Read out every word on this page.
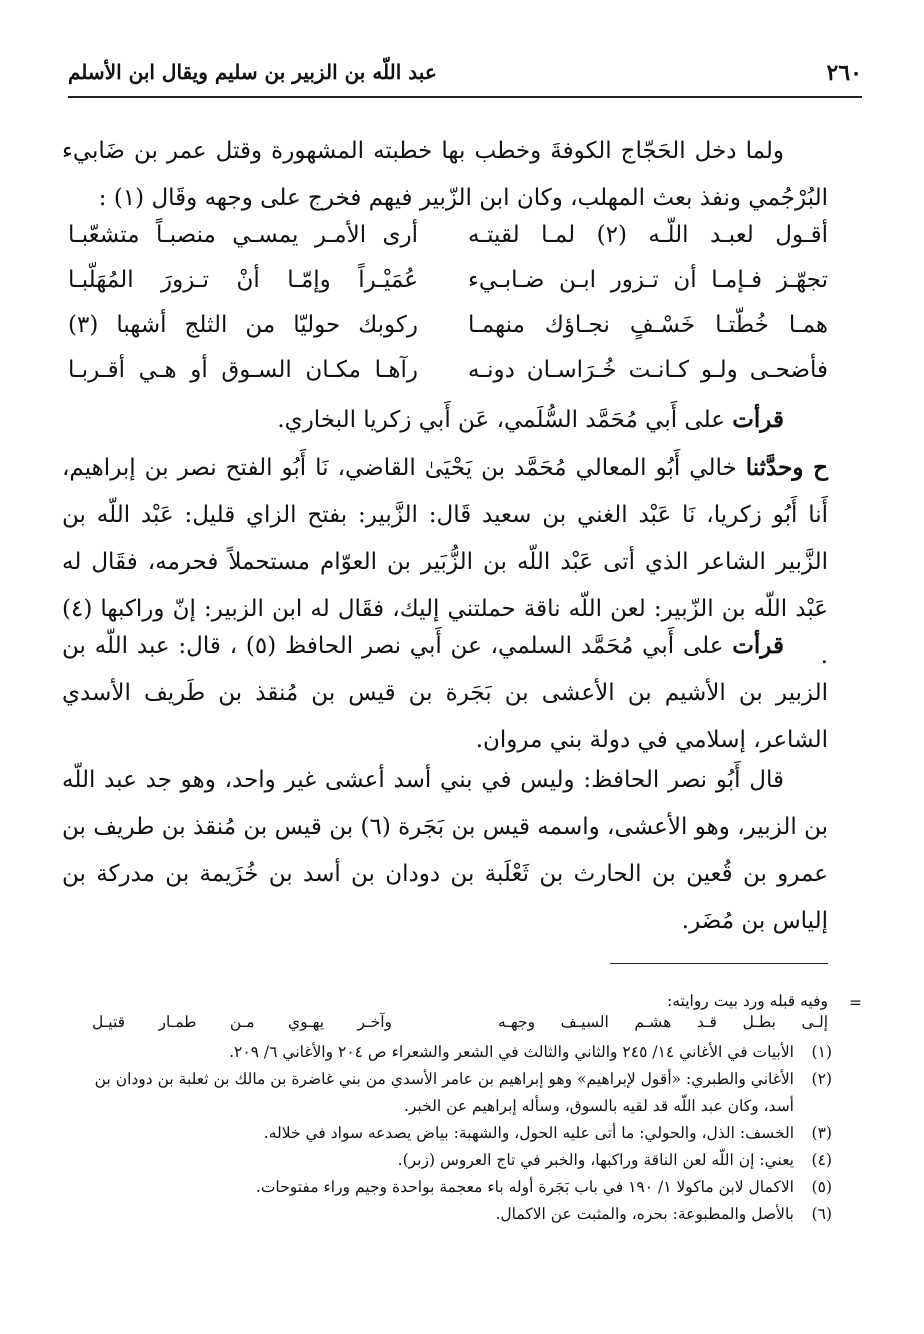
٢٦٠
عبد اللّه بن الزبير بن سليم ويقال ابن الأسلم
ولما دخل الحَجّاج الكوفةَ وخطب بها خطبته المشهورة وقتل عمر بن ضَابيء البُرْجُمي ونفذ بعث المهلب، وكان ابن الزّبير فيهم فخرج على وجهه وقَال (١) :
أقـول لعبـد اللّـه (٢) لمـا لقيتـه
أرى الأمـر يمسـي منصبـاً متشعّبـا
تجهّـز فـإمـا أن تـزور ابـن ضـابـيء
عُمَيْـراً وإمّـا أنْ تـزورَ المُهَلّبـا
همـا خُطّتـا خَسْـفٍ نجـاؤك منهمـا
ركوبك حوليّا من الثلج أشهبا (٣)
فأضحـى ولـو كـانـت خُـرَاسـان دونـه
رآهـا مكـان السـوق أو هـي أقـربـا
قرأت على أَبي مُحَمَّد السُّلَمي، عَن أَبي زكريا البخاري.
ح وحدَّثنا خالي أَبُو المعالي مُحَمَّد بن يَحْيَىٰ القاضي، نَا أَبُو الفتح نصر بن إبراهيم، أَنا أَبُو زكريا، نَا عَبْد الغني بن سعيد قَال: الزَّبير: بفتح الزاي قليل: عَبْد اللّه بن الزَّبير الشاعر الذي أتى عَبْد اللّه بن الزُّبَير بن العوّام مستحملاً فحرمه، فقَال له عَبْد اللّه بن الزّبير: لعن اللّه ناقة حملتني إليك، فقَال له ابن الزبير: إنّ وراكبها (٤) .
قرأت على أَبي مُحَمَّد السلمي، عن أَبي نصر الحافظ (٥) ، قال: عبد اللّه بن الزبير بن الأشيم بن الأعشى بن بَجَرة بن قيس بن مُنقذ بن طَريف الأسدي الشاعر، إسلامي في دولة بني مروان.
قال أَبُو نصر الحافظ: وليس في بني أسد أعشى غير واحد، وهو جد عبد اللّه بن الزبير، وهو الأعشى، واسمه قيس بن بَجَرة (٦) بن قيس بن مُنقذ بن طريف بن عمرو بن قُعين بن الحارث بن ثَعْلَبة بن دودان بن أسد بن خُزَيمة بن مدركة بن إلياس بن مُضَر.
=
وفيه قبله ورد بيت روايته:
إلـى بطـل قـد هشـم السيـف وجهـه
وآخـر يهـوي مـن طمـار قتيـل
(١)
الأبيات في الأغاني ١٤/ ٢٤٥ والثاني والثالث في الشعر والشعراء ص ٢٠٤ والأغاني ٦/ ٢٠٩.
(٢)
الأغاني والطبري: «أقول لإبراهيم» وهو إبراهيم بن عامر الأسدي من بني غاضرة بن مالك بن ثعلبة بن دودان بن أسد، وكان عبد اللّه قد لقيه بالسوق، وسأله إبراهيم عن الخبر.
(٣)
الخسف: الذل، والحولي: ما أتى عليه الحول، والشهبة: بياض يصدعه سواد في خلاله.
(٤)
يعني: إن اللّه لعن الناقة وراكبها، والخبر في تاج العروس (زبر).
(٥)
الاكمال لابن ماكولا ١/ ١٩٠ في باب بَجَرة أوله باء معجمة بواحدة وجيم وراء مفتوحات.
(٦)
بالأصل والمطبوعة: بحره، والمثبت عن الاكمال.
